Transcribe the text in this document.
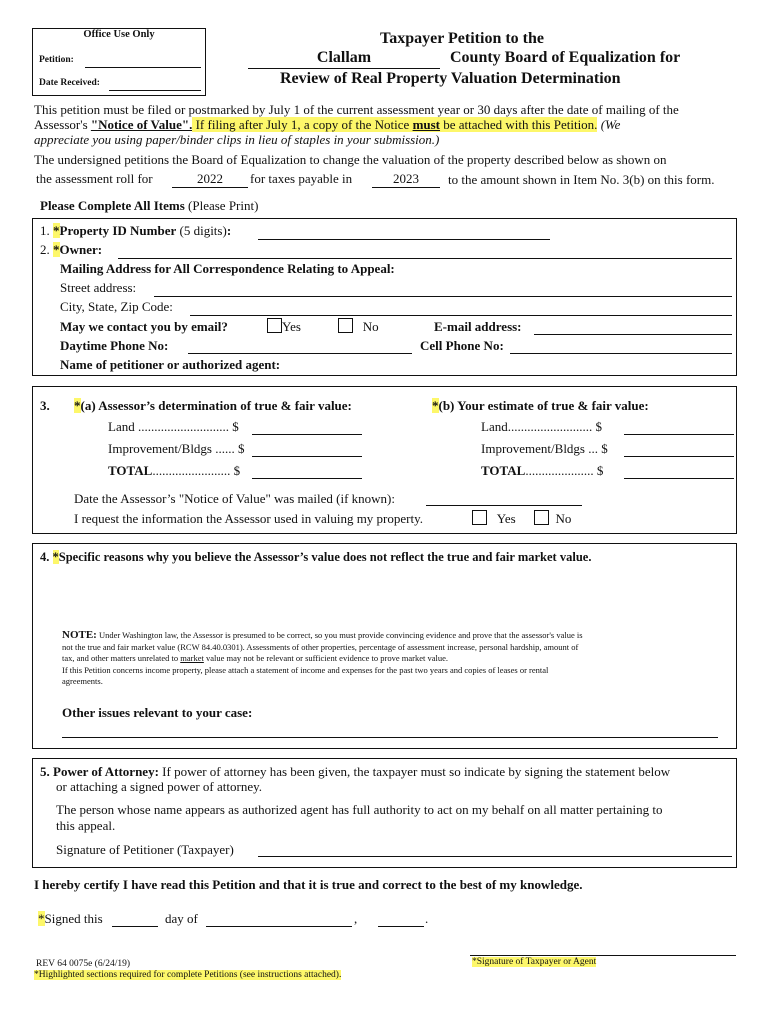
Office Use Only
Petition:
Date Received:
Taxpayer Petition to the
Clallam	County Board of Equalization for
Review of Real Property Valuation Determination
This petition must be filed or postmarked by July 1 of the current assessment year or 30 days after the date of mailing of the
Assessor's "Notice of Value". If filing after July 1, a copy of the Notice must be attached with this Petition. (We
appreciate you using paper/binder clips in lieu of staples in your submission.)
The undersigned petitions the Board of Equalization to change the valuation of the property described below as shown on
the assessment roll for	2022	for taxes payable in	2023	to the amount shown in Item No. 3(b) on this form.
Please Complete All Items (Please Print)
1. *Property ID Number (5 digits):
2. *Owner:
Mailing Address for All Correspondence Relating to Appeal:
Street address:
City, State, Zip Code:
May we contact you by email?	Yes	No	E-mail address:
Daytime Phone No:	Cell Phone No:
Name of petitioner or authorized agent:
3. *(a) Assessor’s determination of true & fair value:	*(b) Your estimate of true & fair value:
Land ............................ $
Improvement/Bldgs ...... $
TOTAL........................ $
Land.......................... $
Improvement/Bldgs ... $
TOTAL..................... $
Date the Assessor’s "Notice of Value" was mailed (if known):
I request the information the Assessor used in valuing my property.	Yes	No
4. *Specific reasons why you believe the Assessor’s value does not reflect the true and fair market value.
NOTE: Under Washington law, the Assessor is presumed to be correct, so you must provide convincing evidence and prove that the assessor's value is
not the true and fair market value (RCW 84.40.0301). Assessments of other properties, percentage of assessment increase, personal hardship, amount of
tax, and other matters unrelated to market value may not be relevant or sufficient evidence to prove market value.
If this Petition concerns income property, please attach a statement of income and expenses for the past two years and copies of leases or rental
agreements.
Other issues relevant to your case:
5. Power of Attorney: If power of attorney has been given, the taxpayer must so indicate by signing the statement below
or attaching a signed power of attorney.
The person whose name appears as authorized agent has full authority to act on my behalf on all matter pertaining to
this appeal.
Signature of Petitioner (Taxpayer)
I hereby certify I have read this Petition and that it is true and correct to the best of my knowledge.
*Signed this	day of	,	.
REV 64 0075e (6/24/19)	*Signature of Taxpayer or Agent
*Highlighted sections required for complete Petitions (see instructions attached).
